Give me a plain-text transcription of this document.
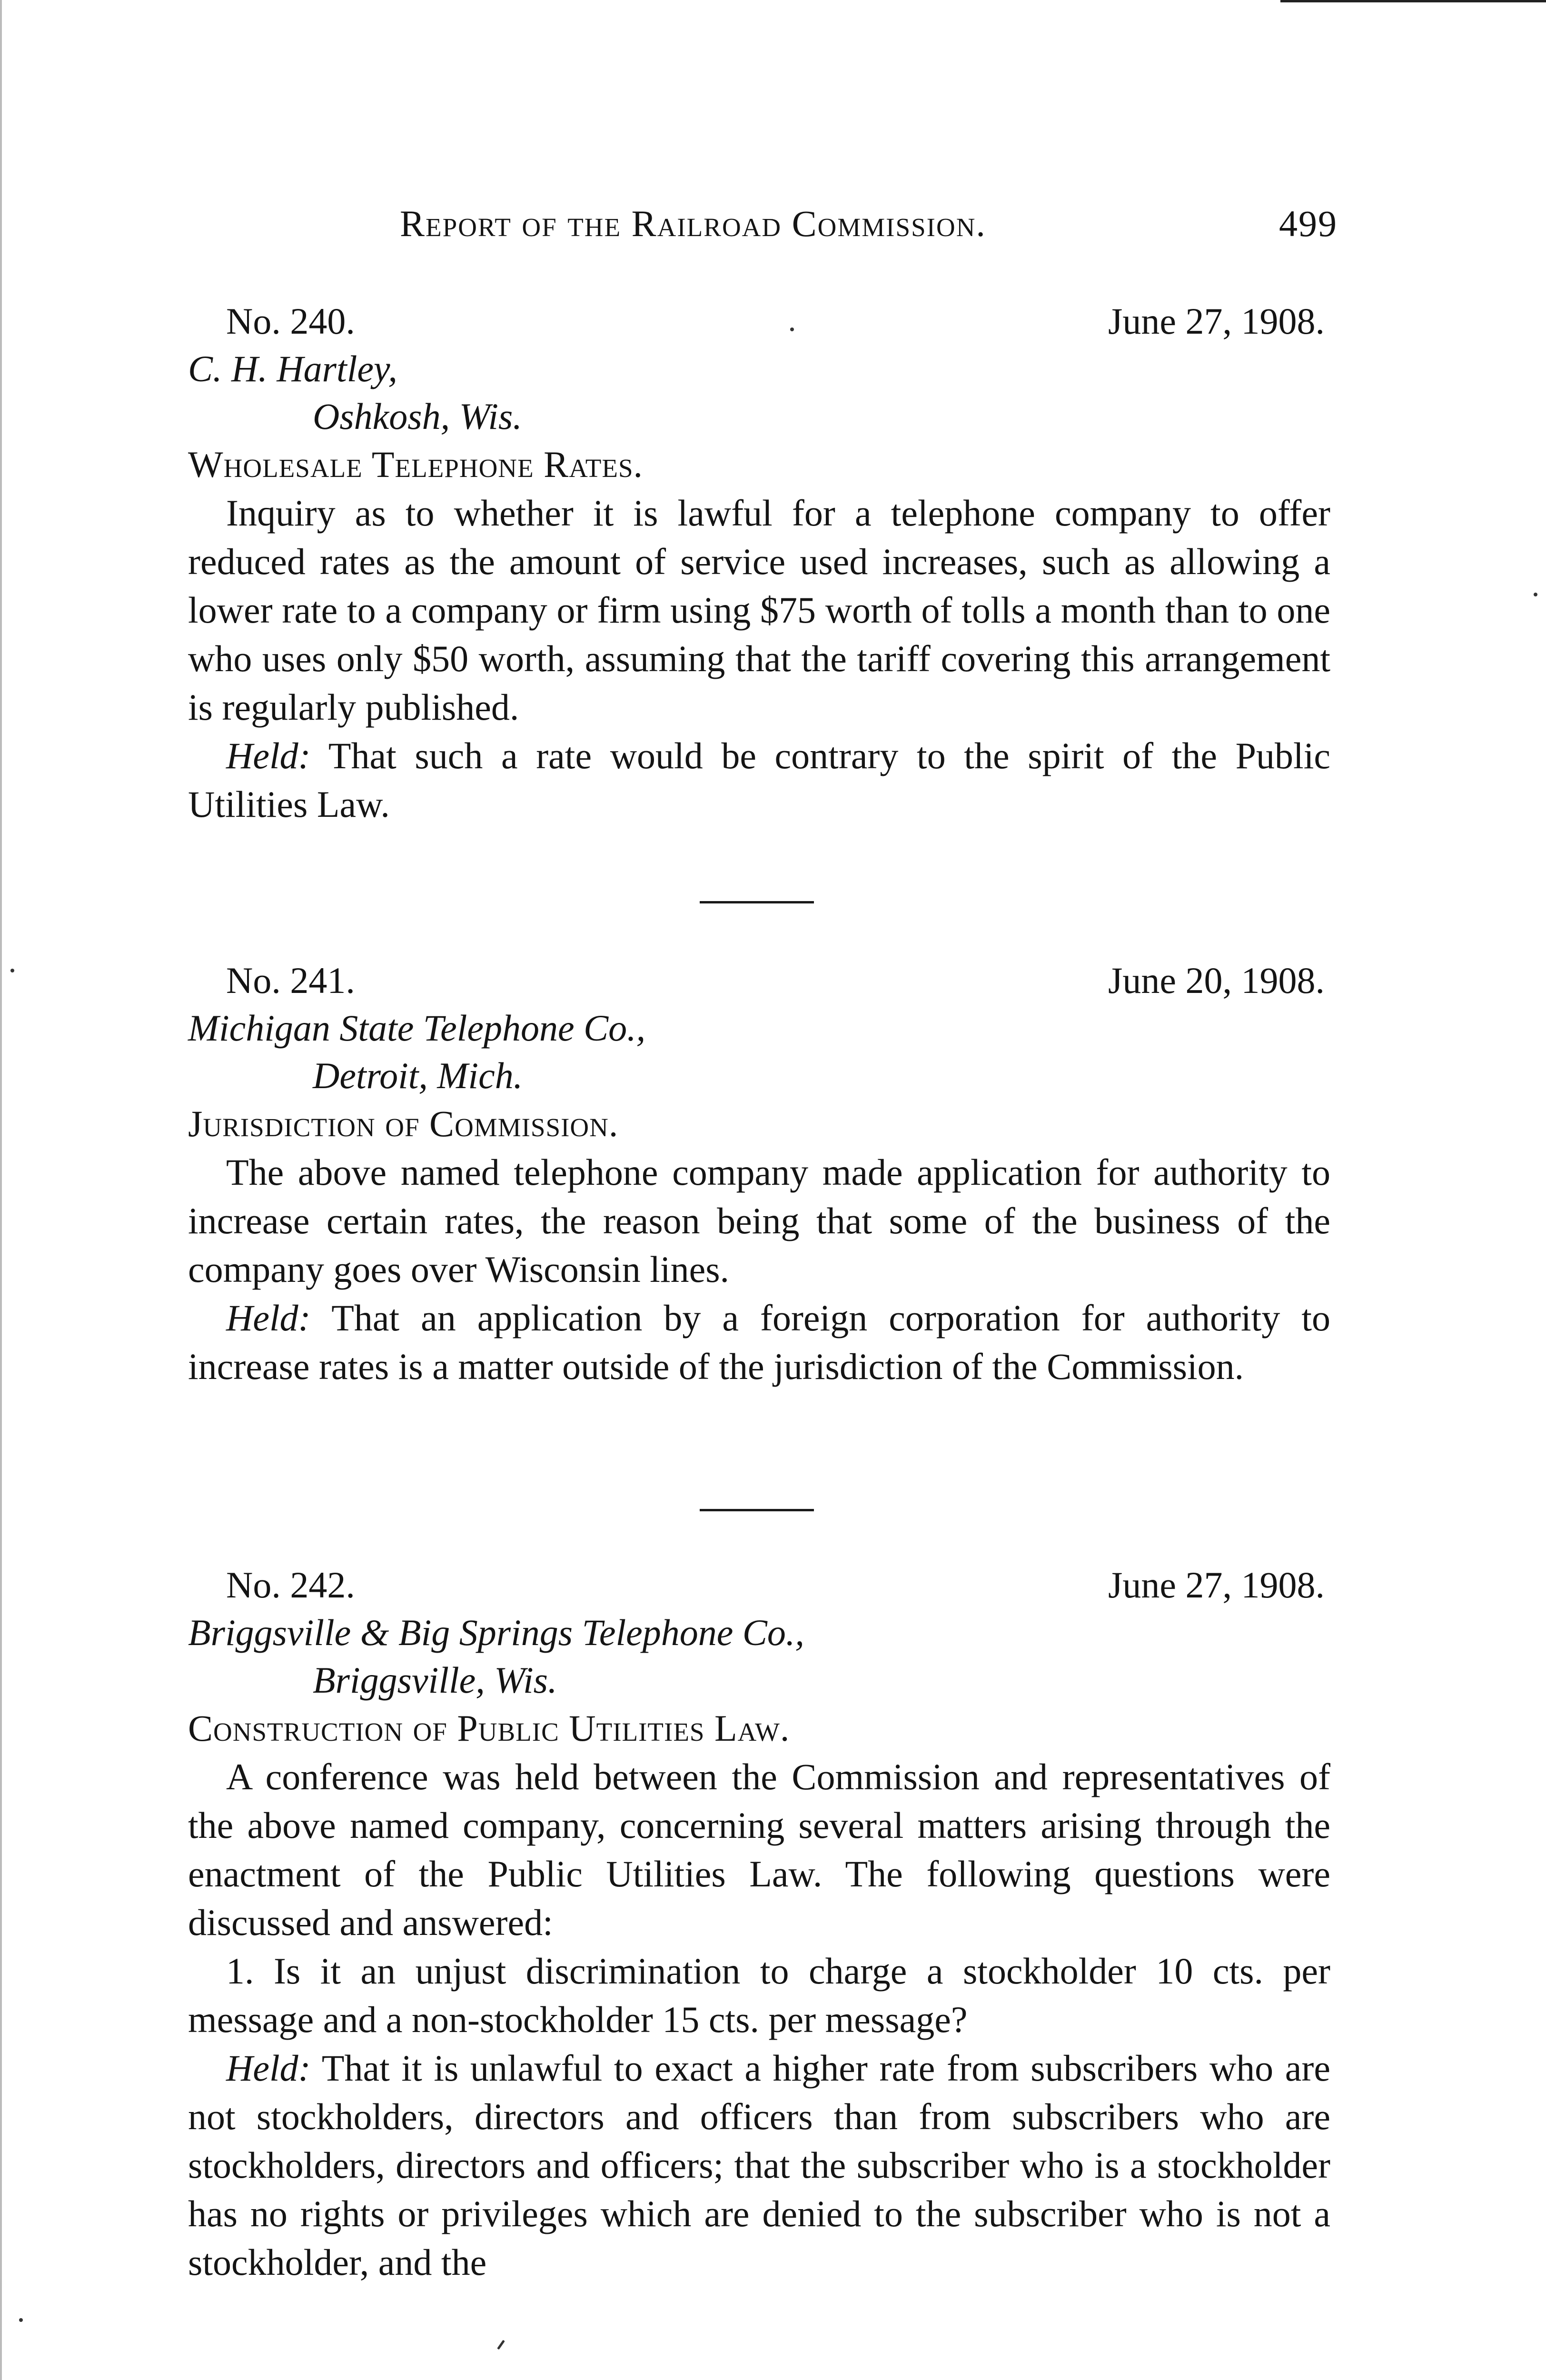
Report of the Railroad Commission.	499
No. 240.	June 27, 1908.
C. H. Hartley,
Oshkosh, Wis.
Wholesale Telephone Rates.

Inquiry as to whether it is lawful for a telephone company to offer reduced rates as the amount of service used increases, such as allowing a lower rate to a company or firm using $75 worth of tolls a month than to one who uses only $50 worth, assuming that the tariff covering this arrangement is regularly published.

Held: That such a rate would be contrary to the spirit of the Public Utilities Law.

No. 241.	June 20, 1908.
Michigan State Telephone Co.,
Detroit, Mich.
Jurisdiction of Commission.

The above named telephone company made application for authority to increase certain rates, the reason being that some of the business of the company goes over Wisconsin lines.

Held: That an application by a foreign corporation for authority to increase rates is a matter outside of the jurisdiction of the Commission.

No. 242.	June 27, 1908.
Briggsville & Big Springs Telephone Co.,
Briggsville, Wis.
Construction of Public Utilities Law.

A conference was held between the Commission and representatives of the above named company, concerning several matters arising through the enactment of the Public Utilities Law. The following questions were discussed and answered:

1. Is it an unjust discrimination to charge a stockholder 10 cts. per message and a non-stockholder 15 cts. per message?

Held: That it is unlawful to exact a higher rate from subscribers who are not stockholders, directors and officers than from subscribers who are stockholders, directors and officers; that the subscriber who is a stockholder has no rights or privileges which are denied to the subscriber who is not a stockholder, and the
